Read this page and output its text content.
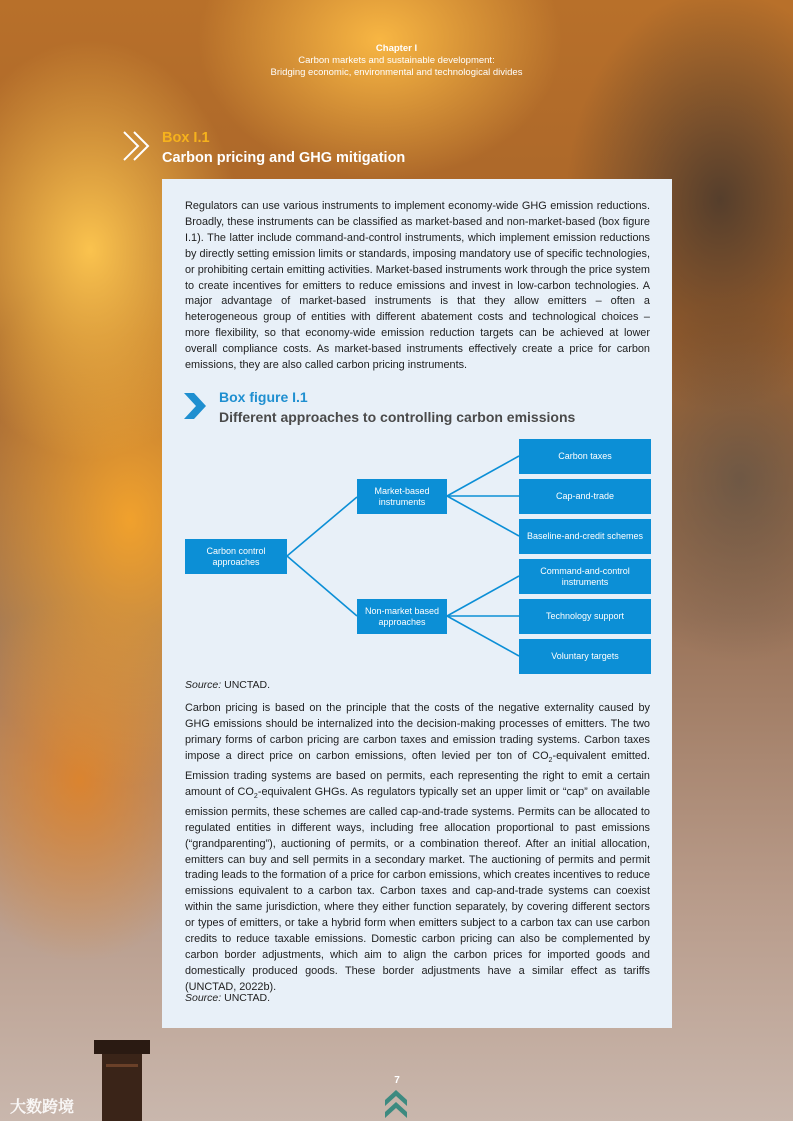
Chapter I
Carbon markets and sustainable development:
Bridging economic, environmental and technological divides
Box I.1
Carbon pricing and GHG mitigation

Regulators can use various instruments to implement economy-wide GHG emission reductions. Broadly, these instruments can be classified as market-based and non-market-based (box figure I.1). The latter include command-and-control instruments, which implement emission reductions by directly setting emission limits or standards, imposing mandatory use of specific technologies, or prohibiting certain emitting activities. Market-based instruments work through the price system to create incentives for emitters to reduce emissions and invest in low-carbon technologies. A major advantage of market-based instruments is that they allow emitters – often a heterogeneous group of entities with different abatement costs and technological choices – more flexibility, so that economy-wide emission reduction targets can be achieved at lower overall compliance costs. As market-based instruments effectively create a price for carbon emissions, they are also called carbon pricing instruments.

Box figure I.1
Different approaches to controlling carbon emissions
Carbon control approaches
Market-based instruments
Non-market based approaches
Carbon taxes
Cap-and-trade
Baseline-and-credit schemes
Command-and-control instruments
Technology support
Voluntary targets
Source: UNCTAD.

Carbon pricing is based on the principle that the costs of the negative externality caused by GHG emissions should be internalized into the decision-making processes of emitters. The two primary forms of carbon pricing are carbon taxes and emission trading systems. Carbon taxes impose a direct price on carbon emissions, often levied per ton of $CO_2$-equivalent emitted. Emission trading systems are based on permits, each representing the right to emit a certain amount of $CO_2$-equivalent GHGs. As regulators typically set an upper limit or “cap” on available emission permits, these schemes are called cap-and-trade systems. Permits can be allocated to regulated entities in different ways, including free allocation proportional to past emissions (“grandparenting”), auctioning of permits, or a combination thereof. After an initial allocation, emitters can buy and sell permits in a secondary market. The auctioning of permits and permit trading leads to the formation of a price for carbon emissions, which creates incentives to reduce emissions equivalent to a carbon tax. Carbon taxes and cap-and-trade systems can coexist within the same jurisdiction, where they either function separately, by covering different sectors or types of emitters, or take a hybrid form when emitters subject to a carbon tax can use carbon credits to reduce taxable emissions. Domestic carbon pricing can also be complemented by carbon border adjustments, which aim to align the carbon prices for imported goods and domestically produced goods. These border adjustments have a similar effect as tariffs (UNCTAD, 2022b).

Source: UNCTAD.
7
大数跨境
